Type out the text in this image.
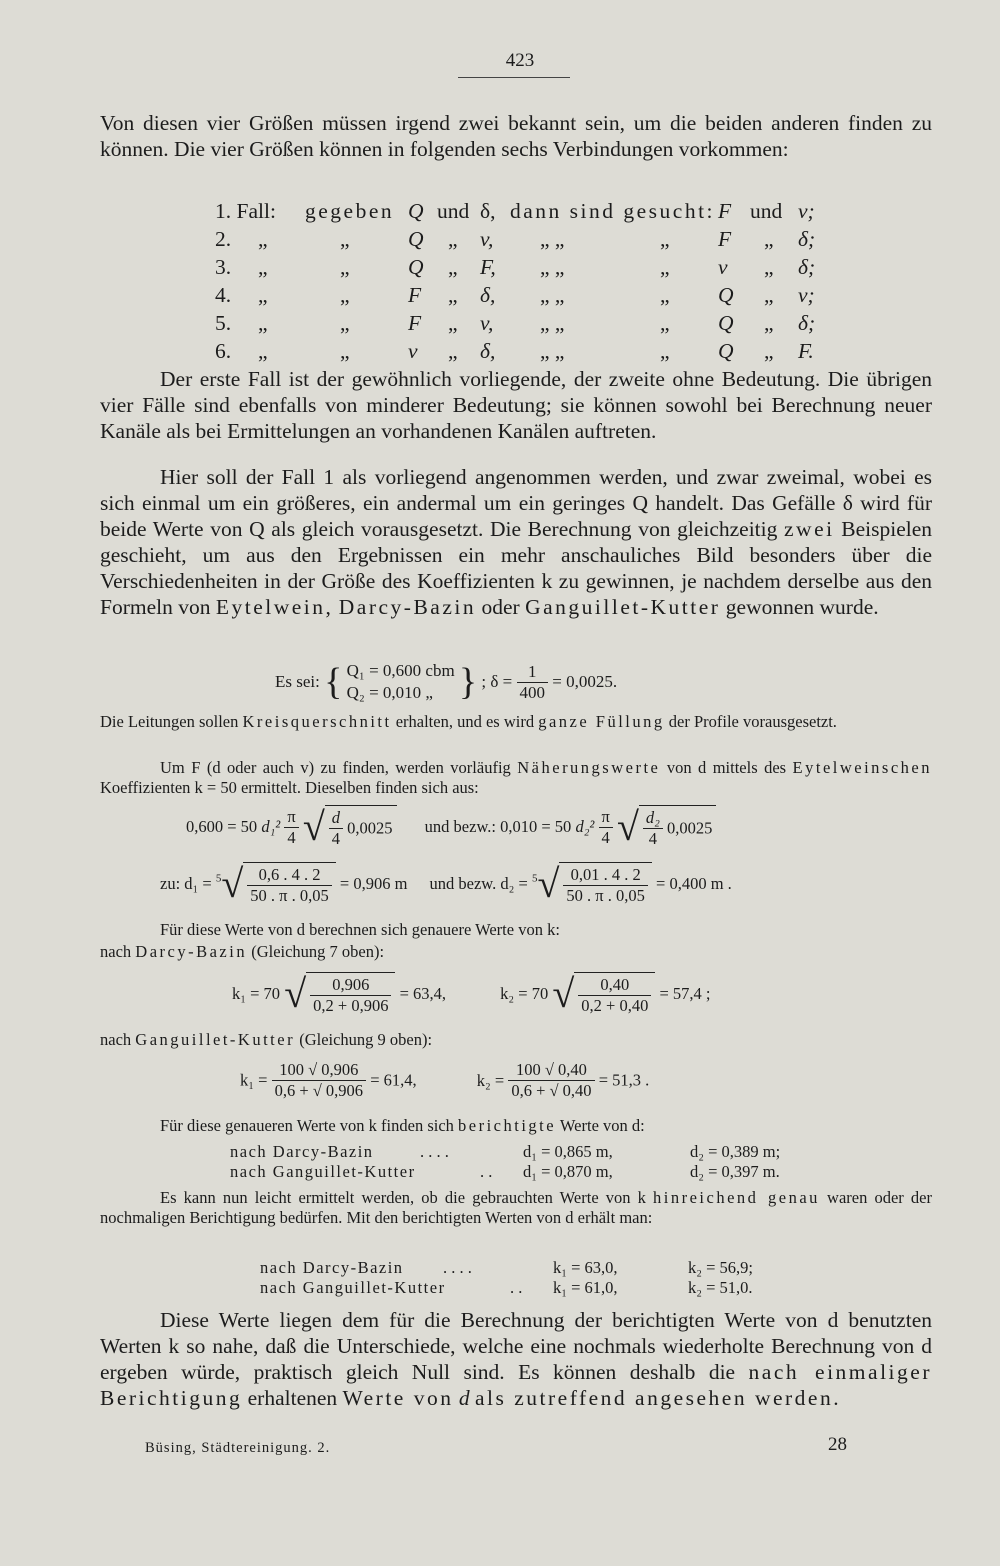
423
Von diesen vier Größen müssen irgend zwei bekannt sein, um die beiden anderen finden zu können. Die vier Größen können in folgenden sechs Verbindungen vorkommen:
1. Fall: gegeben Q und δ, dann sind gesucht: F und v;
2. „	„	Q „ v, „ „	„ F „ δ;
3. „	„	Q „ F, „ „	„ v „ δ;
4. „	„	F „ δ, „ „	„ Q „ v;
5. „	„	F „ v, „ „	„ Q „ δ;
6. „	„	v „ δ, „ „	„ Q „ F.
Der erste Fall ist der gewöhnlich vorliegende, der zweite ohne Bedeutung. Die übrigen vier Fälle sind ebenfalls von minderer Bedeutung; sie können sowohl bei Berechnung neuer Kanäle als bei Ermittelungen an vorhandenen Kanälen auftreten.
Hier soll der Fall 1 als vorliegend angenommen werden, und zwar zweimal, wobei es sich einmal um ein größeres, ein andermal um ein geringes Q handelt. Das Gefälle δ wird für beide Werte von Q als gleich vorausgesetzt. Die Berechnung von gleichzeitig zwei Beispielen geschieht, um aus den Ergebnissen ein mehr anschauliches Bild besonders über die Verschiedenheiten in der Größe des Koeffizienten k zu gewinnen, je nachdem derselbe aus den Formeln von Eytelwein, Darcy-Bazin oder Ganguillet-Kutter gewonnen wurde.
Es sei: { Q₁ = 0,600 cbm
Q₂ = 0,010 „ } ; $\delta = \frac{1}{400} = 0,0025$.
Die Leitungen sollen Kreisquerschnitt erhalten, und es wird ganze Füllung der Profile vorausgesetzt.
Um F (d oder auch v) zu finden, werden vorläufig Näherungswerte von d mittels des Eytelweinschen Koeffizienten k = 50 ermittelt. Dieselben finden sich aus:
0,600 = 50 $d_1^2 \frac{\pi}{4}$ √ $\frac{d}{4} 0,0025$ und bezw.: 0,010 = 50 $d_2^2 \frac{\pi}{4}$ √ $\frac{\text{d₂}}{4} 0,0025$
zu: $d_1 = ^5√ \frac{0,6 . 4 . 2}{50 . \pi . 0,05} = 0,906$ m und bezw. $d_2 = ^5√ \frac{0,01 . 4 . 2}{50 . \pi . 0,05} = 0,400$ m .
Für diese Werte von d berechnen sich genauere Werte von k:
nach Darcy-Bazin (Gleichung 7 oben):
k₁ = 70 √ $\frac{0,906}{0,2 + 0,906} = 63,4$,	k₂ = 70 √ $\frac{0,40}{0,2 + 0,40} = 57,4$ ;
nach Ganguillet-Kutter (Gleichung 9 oben):
$k_1 = \frac{100 √ 0,906}{0,6 + √ 0,906} = 61,4$,	$k_2 = \frac{100 √ 0,40}{0,6 + √ 0,40} = 51,3$ .
Für diese genaueren Werte von k finden sich berichtigte Werte von d:
nach Darcy-Bazin	. . . .	d₁ = 0,865 m,	d₂ = 0,389 m;
nach Ganguillet-Kutter	. . d₁ = 0,870 m,	d₂ = 0,397 m.
Es kann nun leicht ermittelt werden, ob die gebrauchten Werte von k hinreichend genau waren oder der nochmaligen Berichtigung bedürfen. Mit den berichtigten Werten von d erhält man:
nach Darcy-Bazin . . . .	k₁ = 63,0,	k₂ = 56,9;
nach Ganguillet-Kutter	. . k₁ = 61,0,	k₂ = 51,0.
Diese Werte liegen dem für die Berechnung der berichtigten Werte von d benutzten Werten k so nahe, daß die Unterschiede, welche eine nochmals wiederholte Berechnung von d ergeben würde, praktisch gleich Null sind. Es können deshalb die nach einmaliger Berichtigung erhaltenen Werte von d als zutreffend angesehen werden.
Büsing, Städtereinigung. 2.	28
